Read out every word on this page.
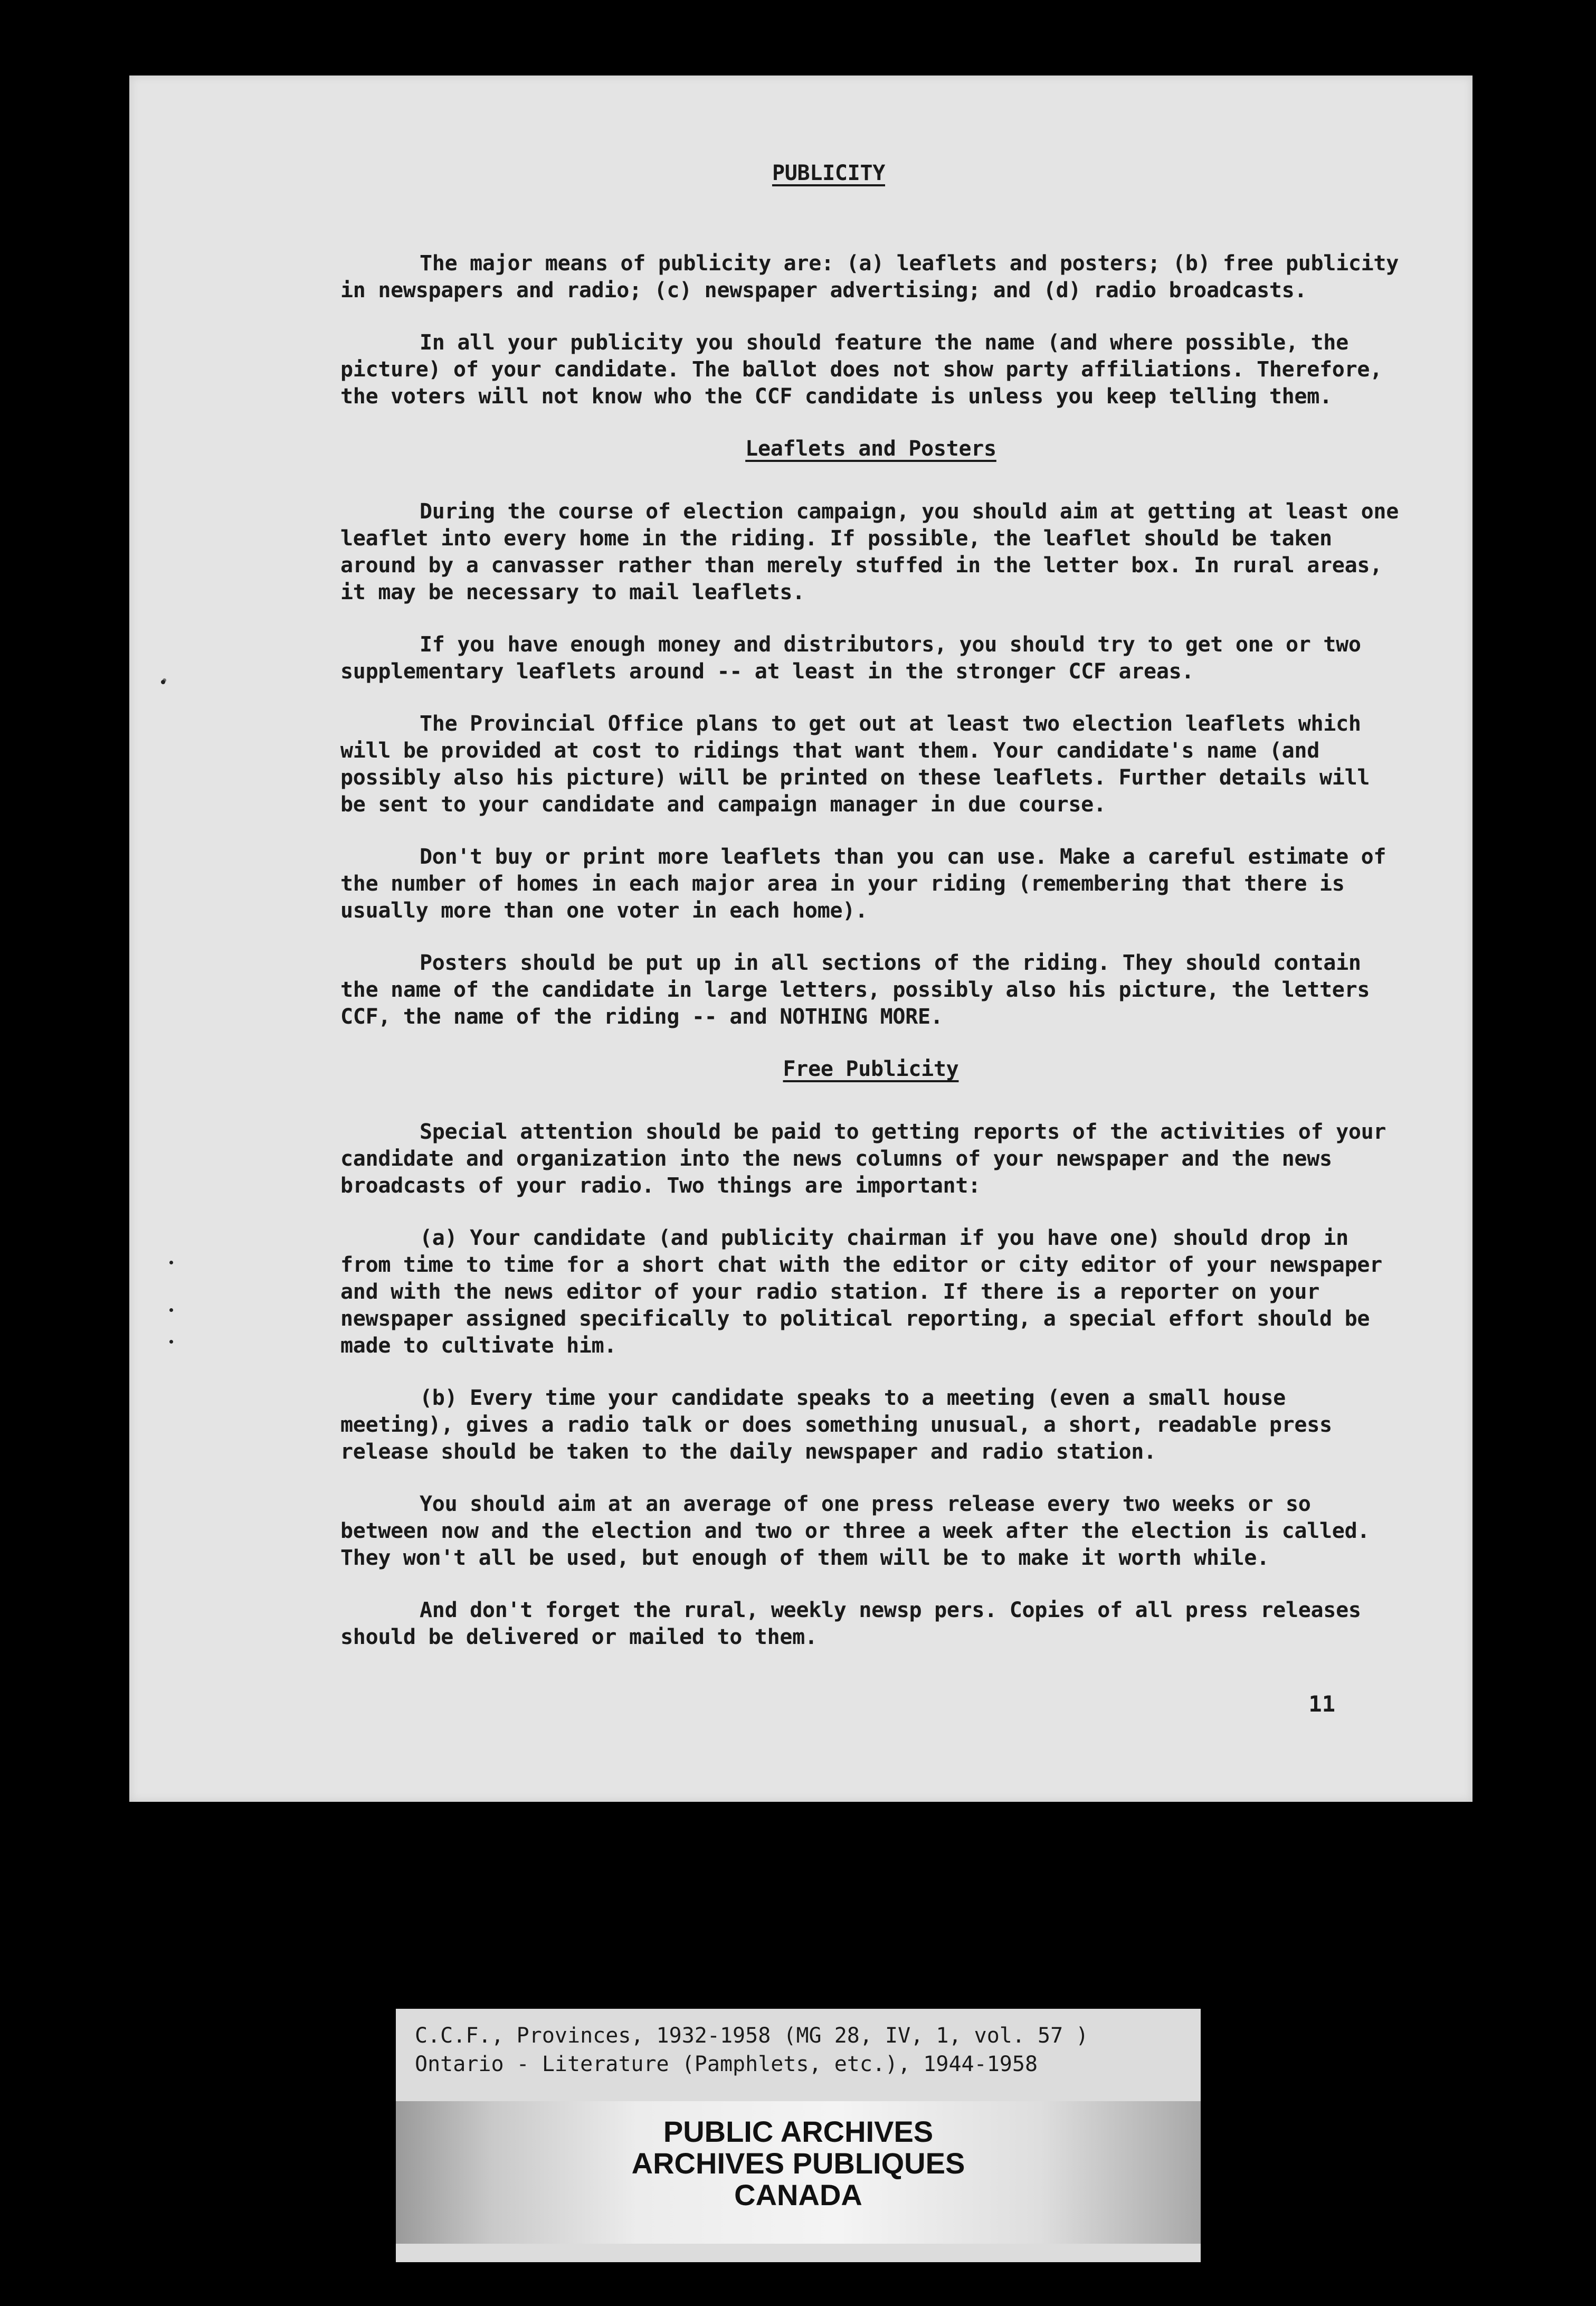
PUBLICITY

The major means of publicity are: (a) leaflets and posters; (b) free publicity in newspapers and radio; (c) newspaper advertising; and (d) radio broadcasts.

In all your publicity you should feature the name (and where possible, the picture) of your candidate. The ballot does not show party affiliations. Therefore, the voters will not know who the CCF candidate is unless you keep telling them.

Leaflets and Posters

During the course of election campaign, you should aim at getting at least one leaflet into every home in the riding. If possible, the leaflet should be taken around by a canvasser rather than merely stuffed in the letter box. In rural areas, it may be necessary to mail leaflets.

If you have enough money and distributors, you should try to get one or two supplementary leaflets around -- at least in the stronger CCF areas.

The Provincial Office plans to get out at least two election leaflets which will be provided at cost to ridings that want them. Your candidate's name (and possibly also his picture) will be printed on these leaflets. Further details will be sent to your candidate and campaign manager in due course.

Don't buy or print more leaflets than you can use. Make a careful estimate of the number of homes in each major area in your riding (remembering that there is usually more than one voter in each home).

Posters should be put up in all sections of the riding. They should contain the name of the candidate in large letters, possibly also his picture, the letters CCF, the name of the riding -- and NOTHING MORE.

Free Publicity

Special attention should be paid to getting reports of the activities of your candidate and organization into the news columns of your newspaper and the news broadcasts of your radio. Two things are important:

(a) Your candidate (and publicity chairman if you have one) should drop in from time to time for a short chat with the editor or city editor of your newspaper and with the news editor of your radio station. If there is a reporter on your newspaper assigned specifically to political reporting, a special effort should be made to cultivate him.

(b) Every time your candidate speaks to a meeting (even a small house meeting), gives a radio talk or does something unusual, a short, readable press release should be taken to the daily newspaper and radio station.

You should aim at an average of one press release every two weeks or so between now and the election and two or three a week after the election is called. They won't all be used, but enough of them will be to make it worth while.

And don't forget the rural, weekly newsp pers. Copies of all press releases should be delivered or mailed to them.

11
C.C.F., Provinces, 1932-1958 (MG 28, IV, 1, vol. 57 )
Ontario - Literature (Pamphlets, etc.), 1944-1958
PUBLIC ARCHIVES
ARCHIVES PUBLIQUES
CANADA
